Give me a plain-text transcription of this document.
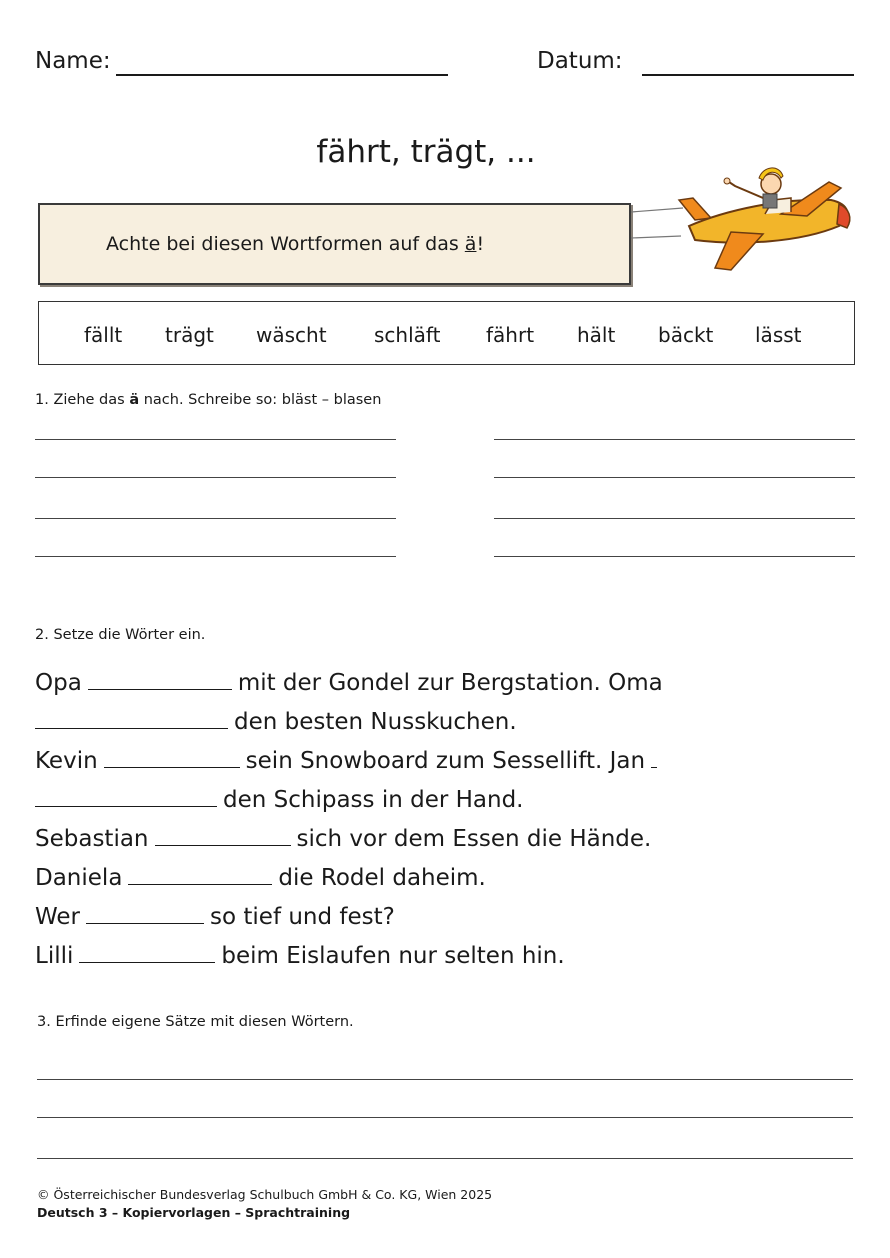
Name:	Datum:
fährt, trägt, ...
Achte bei diesen Wortformen auf das ä!
fällt trägt wäscht schläft fährt hält bäckt lässt
1. Ziehe das ä nach. Schreibe so: bläst – blasen
2. Setze die Wörter ein.
Opa	mit der Gondel zur Bergstation. Oma
den besten Nusskuchen.
Kevin	sein Snowboard zum Sessellift. Jan
den Schipass in der Hand.
Sebastian	sich vor dem Essen die Hände.
Daniela	die Rodel daheim.
Wer	so tief und fest?
Lilli	beim Eislaufen nur selten hin.
3. Erfinde eigene Sätze mit diesen Wörtern.
© Österreichischer Bundesverlag Schulbuch GmbH & Co. KG, Wien 2025
Deutsch 3 – Kopiervorlagen – Sprachtraining
